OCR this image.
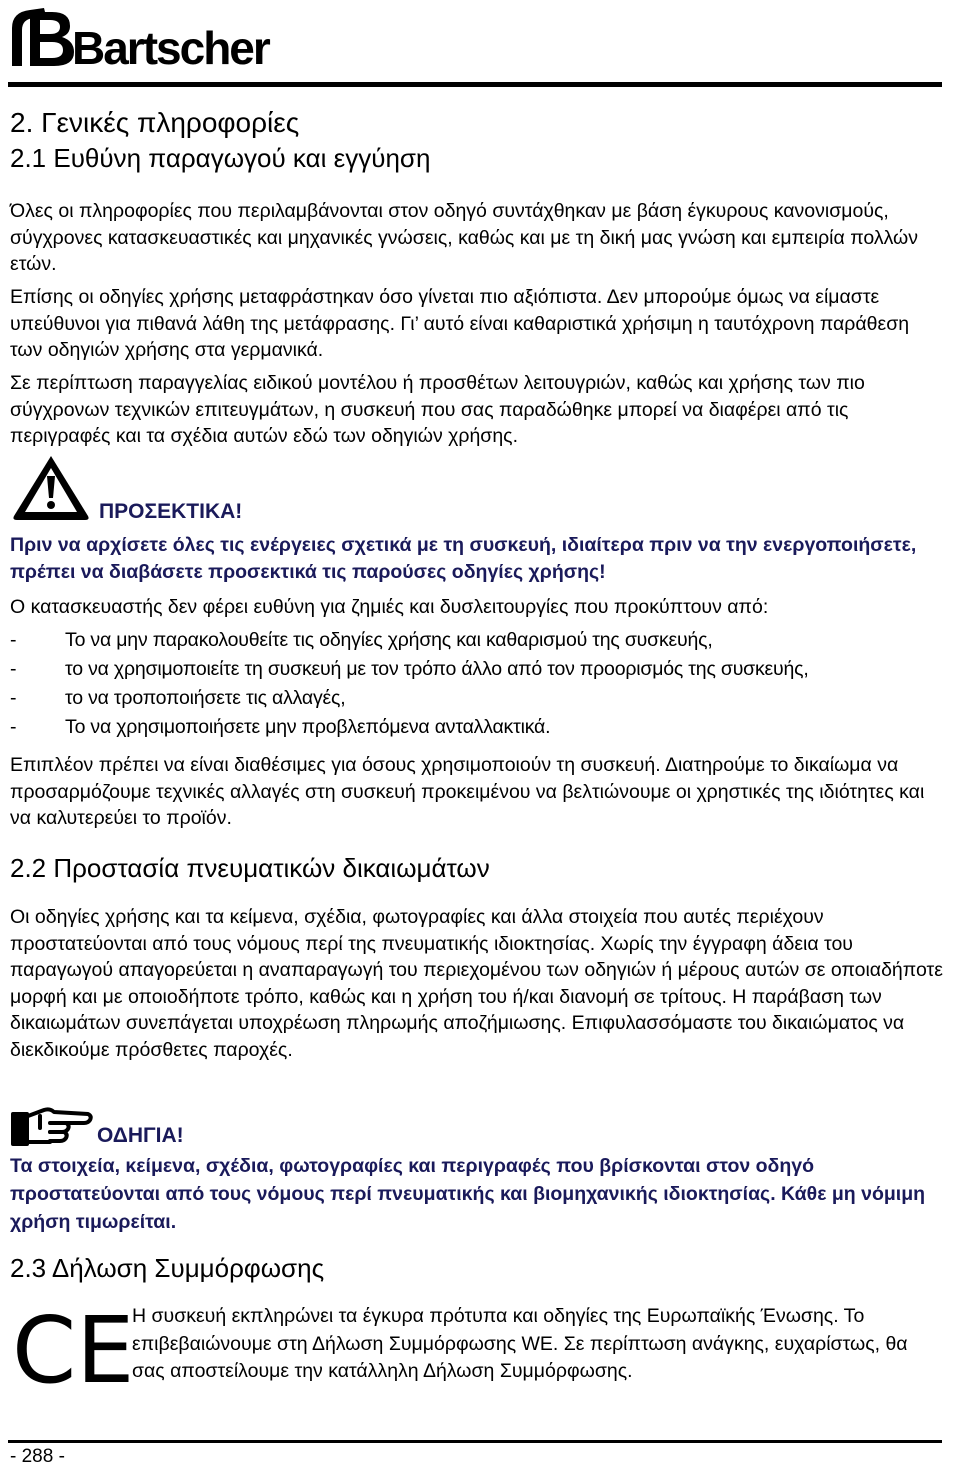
Bartscher
2. Γενικές πληροφορίες
2.1 Ευθύνη παραγωγού και εγγύηση
Όλες οι πληροφορίες που περιλαμβάνονται στον οδηγό συντάχθηκαν με βάση έγκυρους κανονισμούς, σύγχρονες κατασκευαστικές και μηχανικές γνώσεις, καθώς και με τη δική μας γνώση και εμπειρία πολλών ετών.
Επίσης οι οδηγίες χρήσης μεταφράστηκαν όσο γίνεται πιο αξιόπιστα. Δεν μπορούμε όμως να είμαστε υπεύθυνοι για πιθανά λάθη της μετάφρασης. Γι’ αυτό είναι καθαριστικά χρήσιμη η ταυτόχρονη παράθεση των οδηγιών χρήσης στα γερμανικά.
Σε περίπτωση παραγγελίας ειδικού μοντέλου ή προσθέτων λειτουγριών, καθώς και χρήσης των πιο σύγχρονων τεχνικών επιτευγμάτων, η συσκευή που σας παραδώθηκε μπορεί να διαφέρει από τις περιγραφές και τα σχέδια αυτών εδώ των οδηγιών χρήσης.
ΠΡΟΣΕΚΤΙΚΑ!
Πριν να αρχίσετε όλες τις ενέργειες σχετικά με τη συσκευή, ιδιαίτερα πριν να την ενεργοποιήσετε, πρέπει να διαβάσετε προσεκτικά τις παρούσες οδηγίες χρήσης!
Ο κατασκευαστής δεν φέρει ευθύνη για ζημιές και δυσλειτουργίες που προκύπτουν από:
-	Το να μην παρακολουθείτε τις οδηγίες χρήσης και καθαρισμού της συσκευής,
-	το να χρησιμοποιείτε τη συσκευή με τον τρόπο άλλο από τον προορισμός της συσκευής,
-	το να τροποποιήσετε τις αλλαγές,
-	Το να χρησιμοποιήσετε μην προβλεπόμενα ανταλλακτικά.
Επιπλέον πρέπει να είναι διαθέσιμες για όσους χρησιμοποιούν τη συσκευή. Διατηρούμε το δικαίωμα να προσαρμόζουμε τεχνικές αλλαγές στη συσκευή προκειμένου να βελτιώνουμε οι χρηστικές της ιδιότητες και να καλυτερεύει το προϊόν.
2.2 Προστασία πνευματικών δικαιωμάτων
Οι οδηγίες χρήσης και τα κείμενα, σχέδια, φωτογραφίες και άλλα στοιχεία που αυτές περιέχουν προστατεύονται από τους νόμους περί της πνευματικής ιδιοκτησίας. Χωρίς την έγγραφη άδεια του παραγωγού απαγορεύεται η αναπαραγωγή του περιεχομένου των οδηγιών ή μέρους αυτών σε οποιαδήποτε μορφή και με οποιοδήποτε τρόπο, καθώς και η χρήση του ή/και διανομή σε τρίτους. Η παράβαση των δικαιωμάτων συνεπάγεται υποχρέωση πληρωμής αποζήμιωσης. Επιφυλασσόμαστε του δικαιώματος να διεκδικούμε πρόσθετες παροχές.
ΟΔΗΓΙΑ!
Τα στοιχεία, κείμενα, σχέδια, φωτογραφίες και περιγραφές που βρίσκονται στον οδηγό προστατεύονται από τους νόμους περί πνευματικής και βιομηχανικής ιδιοκτησίας. Κάθε μη νόμιμη χρήση τιμωρείται.
2.3 Δήλωση Συμμόρφωσης
CE
Η συσκευή εκπληρώνει τα έγκυρα πρότυπα και οδηγίες της Ευρωπαϊκής Ένωσης. Το επιβεβαιώνουμε στη Δήλωση Συμμόρφωσης WE. Σε περίπτωση ανάγκης, ευχαρίστως, θα σας αποστείλουμε την κατάλληλη Δήλωση Συμμόρφωσης.
- 288 -
